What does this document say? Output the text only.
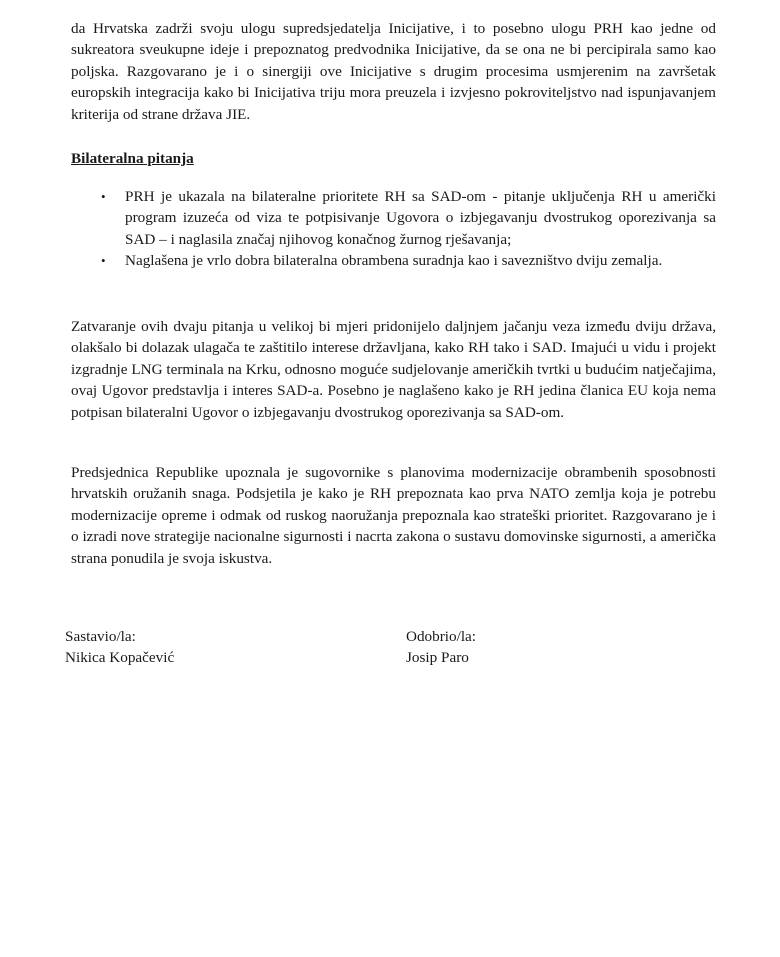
da Hrvatska zadrži svoju ulogu supredsjedatelja Inicijative, i to posebno ulogu PRH kao jedne od sukreatora sveukupne ideje i prepoznatog predvodnika Inicijative, da se ona ne bi percipirala samo kao poljska. Razgovarano je i o sinergiji ove Inicijative s drugim procesima usmjerenim na završetak europskih integracija kako bi Inicijativa triju mora preuzela i izvjesno pokroviteljstvo nad ispunjavanjem kriterija od strane država JIE.

Bilateralna pitanja
• PRH je ukazala na bilateralne prioritete RH sa SAD-om - pitanje uključenja RH u američki program izuzeća od viza te potpisivanje Ugovora o izbjegavanju dvostrukog oporezivanja sa SAD – i naglasila značaj njihovog konačnog žurnog rješavanja;
• Naglašena je vrlo dobra bilateralna obrambena suradnja kao i savezništvo dviju zemalja.

Zatvaranje ovih dvaju pitanja u velikoj bi mjeri pridonijelo daljnjem jačanju veza između dviju država, olakšalo bi dolazak ulagača te zaštitilo interese državljana, kako RH tako i SAD. Imajući u vidu i projekt izgradnje LNG terminala na Krku, odnosno moguće sudjelovanje američkih tvrtki u budućim natječajima, ovaj Ugovor predstavlja i interes SAD-a. Posebno je naglašeno kako je RH jedina članica EU koja nema potpisan bilateralni Ugovor o izbjegavanju dvostrukog oporezivanja sa SAD-om.

Predsjednica Republike upoznala je sugovornike s planovima modernizacije obrambenih sposobnosti hrvatskih oružanih snaga. Podsjetila je kako je RH prepoznata kao prva NATO zemlja koja je potrebu modernizacije opreme i odmak od ruskog naoružanja prepoznala kao strateški prioritet. Razgovarano je i o izradi nove strategije nacionalne sigurnosti i nacrta zakona o sustavu domovinske sigurnosti, a američka strana ponudila je svoja iskustva.

Sastavio/la:
Nikica Kopačević
Odobrio/la:
Josip Paro
